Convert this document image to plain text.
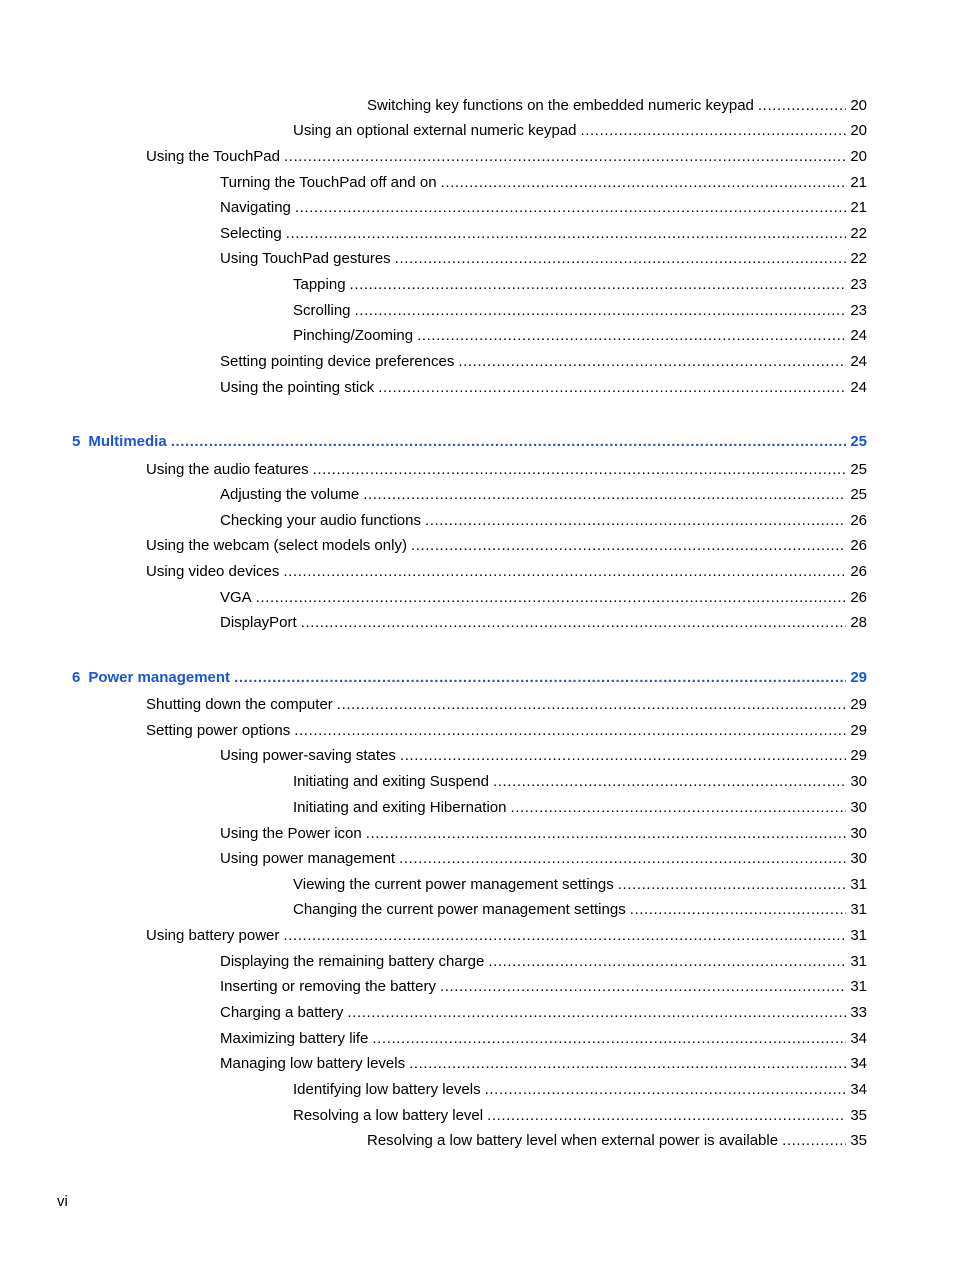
Switching key functions on the embedded numeric keypad .....	20
Using an optional external numeric keypad .....	20
Using the TouchPad .....	20
Turning the TouchPad off and on .....	21
Navigating .....	21
Selecting .....	22
Using TouchPad gestures .....	22
Tapping .....	23
Scrolling .....	23
Pinching/Zooming .....	24
Setting pointing device preferences .....	24
Using the pointing stick .....	24
5 Multimedia .....	25
Using the audio features .....	25
Adjusting the volume .....	25
Checking your audio functions .....	26
Using the webcam (select models only) .....	26
Using video devices .....	26
VGA .....	26
DisplayPort .....	28
6 Power management .....	29
Shutting down the computer .....	29
Setting power options .....	29
Using power-saving states .....	29
Initiating and exiting Suspend .....	30
Initiating and exiting Hibernation .....	30
Using the Power icon .....	30
Using power management .....	30
Viewing the current power management settings .....	31
Changing the current power management settings .....	31
Using battery power .....	31
Displaying the remaining battery charge .....	31
Inserting or removing the battery .....	31
Charging a battery .....	33
Maximizing battery life .....	34
Managing low battery levels .....	34
Identifying low battery levels .....	34
Resolving a low battery level .....	35
Resolving a low battery level when external power is available .....	35
vi
